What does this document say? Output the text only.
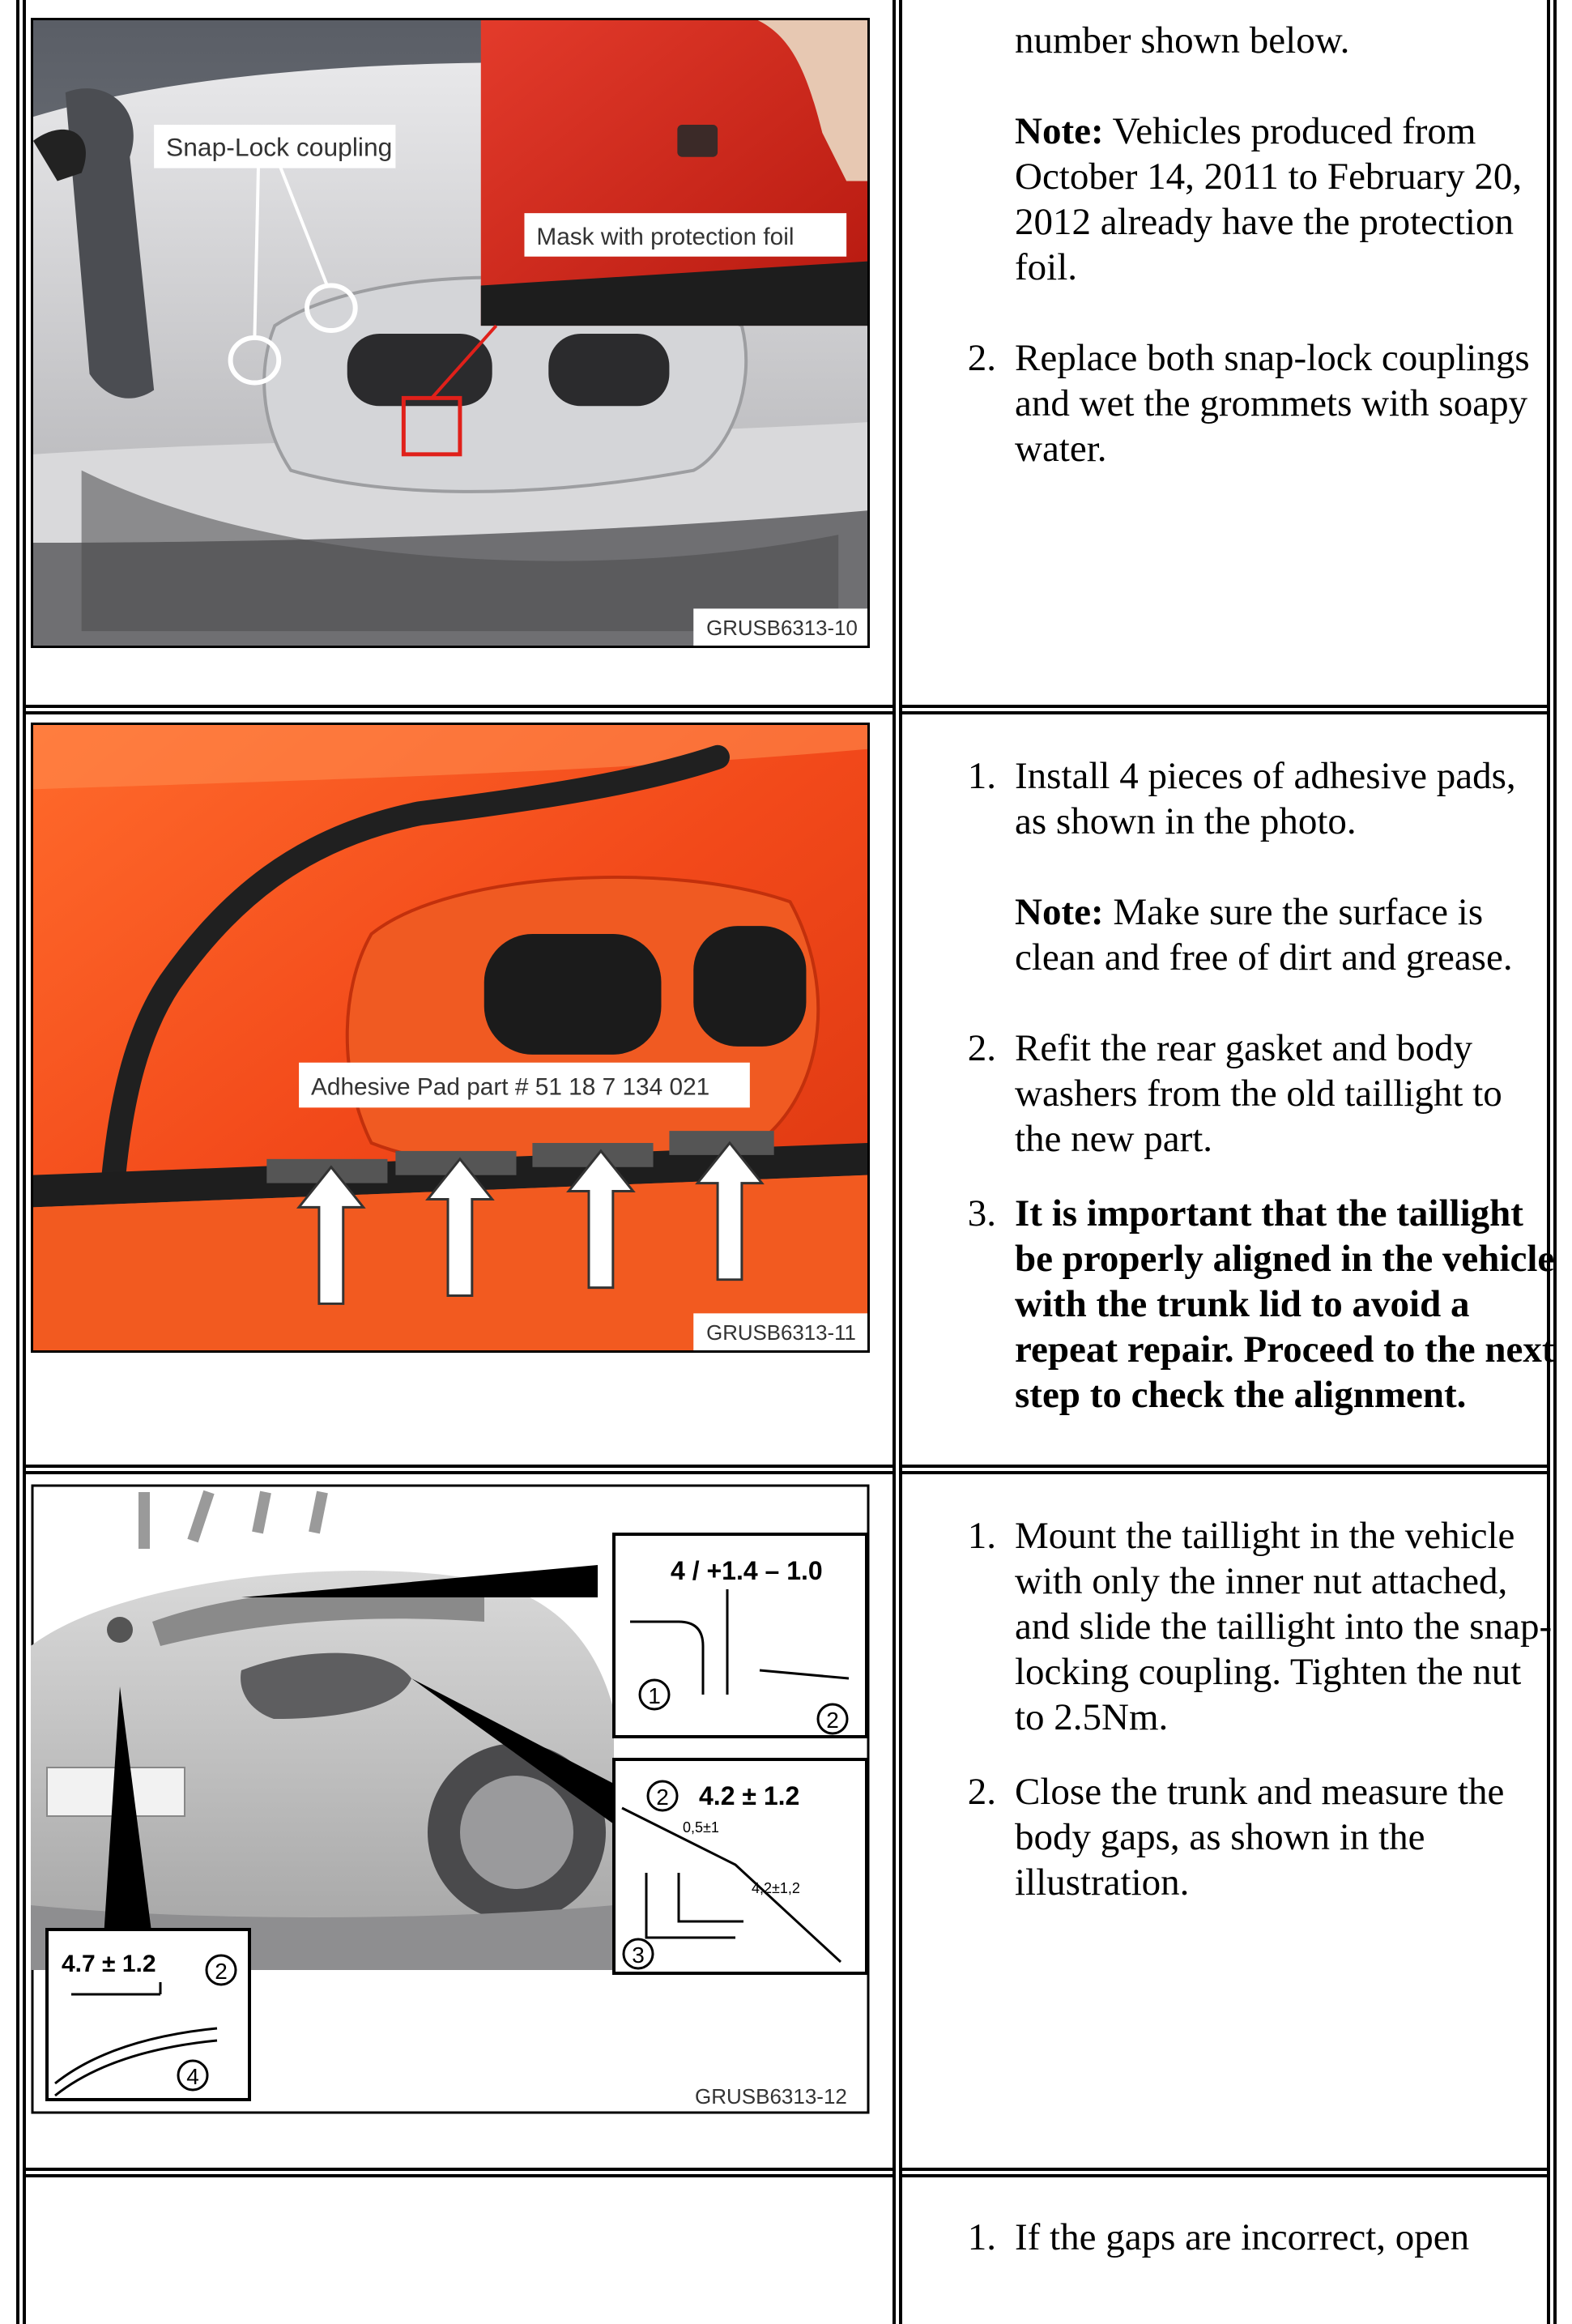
Snap-Lock coupling
Mask with protection foil
GRUSB6313-10

number shown below.

Note: Vehicles produced from October 14, 2011 to February 20, 2012 already have the protection foil.

2. Replace both snap-lock couplings and wet the grommets with soapy water.
Adhesive Pad part # 51 18 7 134 021
GRUSB6313-11
1. Install 4 pieces of adhesive pads, as shown in the photo.

Note: Make sure the surface is clean and free of dirt and grease.

2. Refit the rear gasket and body washers from the old taillight to the new part.
3. It is important that the taillight be properly aligned in the vehicle with the trunk lid to avoid a repeat repair. Proceed to the next step to check the alignment.
4 / +1.4 – 1.0
1
2
2 4.2 ± 1.2
0,5±1
4,2±1,2
3
4.7 ± 1.2	2
4
GRUSB6313-12
1. Mount the taillight in the vehicle with only the inner nut attached, and slide the taillight into the snap-locking coupling. Tighten the nut to 2.5Nm.
2. Close the trunk and measure the body gaps, as shown in the illustration.
1. If the gaps are incorrect, open
